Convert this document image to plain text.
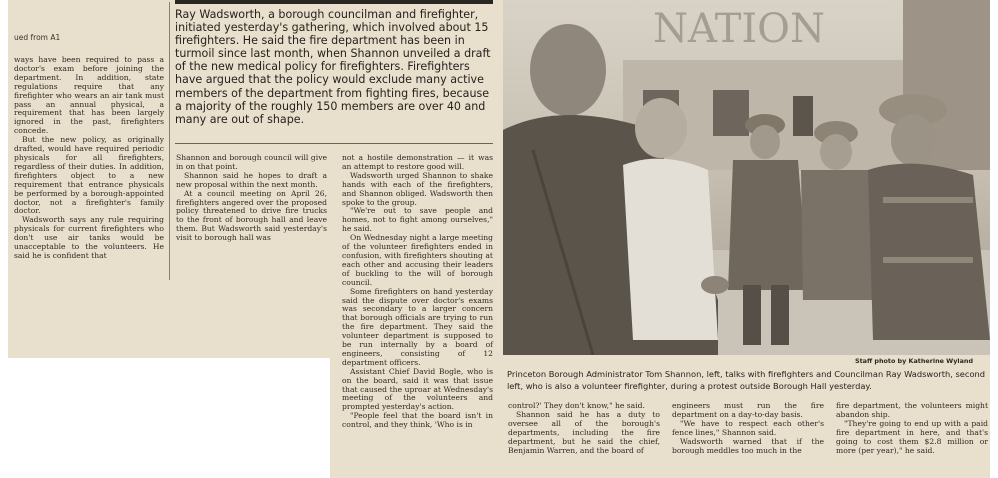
ued from A1
Ray Wadsworth, a borough councilman and firefighter, initiated yesterday's gathering, which involved about 15 firefighters. He said the fire department has been in turmoil since last month, when Shannon unveiled a draft of the new medical policy for firefighters. Firefighters have argued that the policy would exclude many active members of the department from fighting fires, because a majority of the roughly 150 members are over 40 and many are out of shape.

ways have been required to pass a doctor's exam before joining the department. In addition, state regulations require that any firefighter who wears an air tank must pass an annual physical, a requirement that has been largely ignored in the past, firefighters concede.

But the new policy, as originally drafted, would have required periodic physicals for all firefighters, regardless of their duties. In addition, firefighters object to a new requirement that entrance physicals be performed by a borough-appointed doctor, not a firefighter's family doctor.

Wadsworth says any rule requiring physicals for current firefighters who don't use air tanks would be unacceptable to the volunteers. He said he is confident that

Shannon and borough council will give in on that point.

Shannon said he hopes to draft a new proposal within the next month.

At a council meeting on April 26, firefighters angered over the proposed policy threatened to drive fire trucks to the front of borough hall and leave them. But Wadsworth said yesterday's visit to borough hall was

not a hostile demonstration — it was an attempt to restore good will.

Wadsworth urged Shannon to shake hands with each of the firefighters, and Shannon obliged. Wadsworth then spoke to the group.

"We're out to save people and homes, not to fight among ourselves," he said.

On Wednesday night a large meeting of the volunteer firefighters ended in confusion, with firefighters shouting at each other and accusing their leaders of buckling to the will of borough council.

Some firefighters on hand yesterday said the dispute over doctor's exams was secondary to a larger concern that borough officials are trying to run the fire department. They said the volunteer department is supposed to be run internally by a board of engineers, consisting of 12 department officers.

Assistant Chief David Bogle, who is on the board, said it was that issue that caused the uproar at Wednesday's meeting of the volunteers and prompted yesterday's action.

"People feel that the board isn't in control, and they think, 'Who is in

control?' They don't know," he said.

Shannon said he has a duty to oversee all of the borough's departments, including the fire department, but he said the chief, Benjamin Warren, and the board of

engineers must run the fire department on a day-to-day basis.

"We have to respect each other's fence lines," Shannon said.

Wadsworth warned that if the borough meddles too much in the

fire department, the volunteers might abandon ship.

"They're going to end up with a paid fire department in here, and that's going to cost them $2.8 million or more (per year)," he said.

NATION
Staff photo by Katherine Wyland
Princeton Borough Administrator Tom Shannon, left, talks with firefighters and Councilman Ray Wadsworth, second left, who is also a volunteer firefighter, during a protest outside Borough Hall yesterday.
